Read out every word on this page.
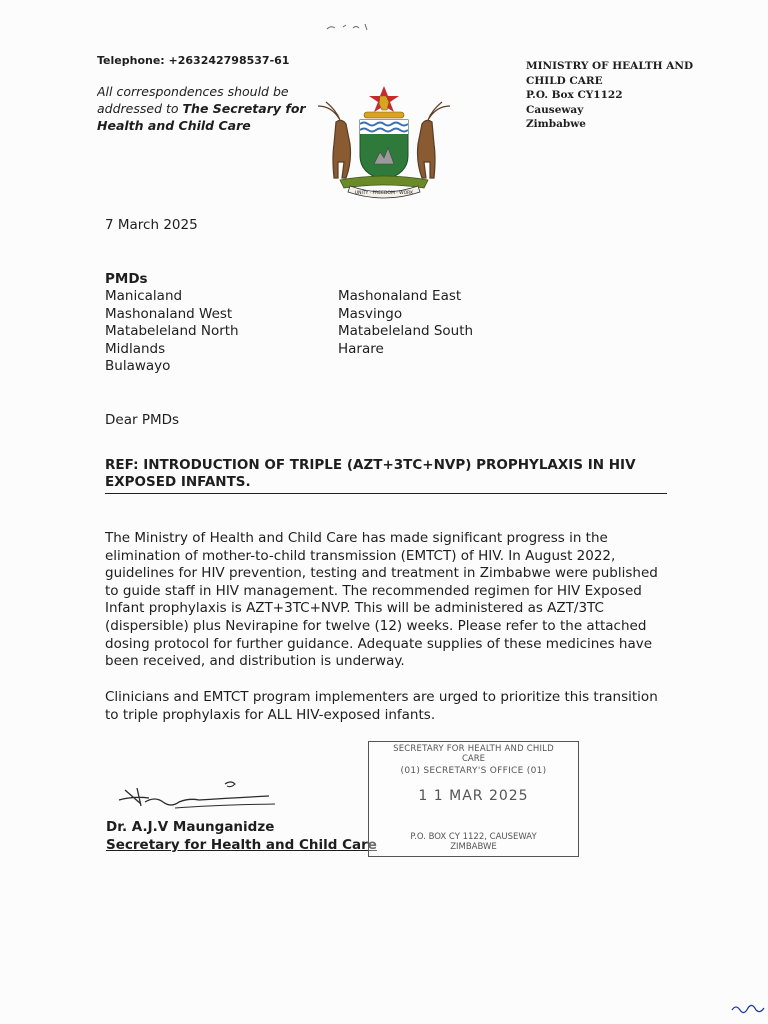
Telephone: +263242798537-61
All correspondences should be
addressed to The Secretary for
Health and Child Care
UNITY · FREEDOM · WORK
MINISTRY OF HEALTH AND
CHILD CARE
P.O. Box CY1122
Causeway
Zimbabwe
7 March 2025
PMDs
Manicaland
Mashonaland West
Matabeleland North
Midlands
Bulawayo
Mashonaland East
Masvingo
Matabeleland South
Harare
Dear PMDs
REF: INTRODUCTION OF TRIPLE (AZT+3TC+NVP) PROPHYLAXIS IN HIV EXPOSED INFANTS.
The Ministry of Health and Child Care has made significant progress in the elimination of mother-to-child transmission (EMTCT) of HIV. In August 2022, guidelines for HIV prevention, testing and treatment in Zimbabwe were published to guide staff in HIV management. The recommended regimen for HIV Exposed Infant prophylaxis is AZT+3TC+NVP. This will be administered as AZT/3TC (dispersible) plus Nevirapine for twelve (12) weeks. Please refer to the attached dosing protocol for further guidance. Adequate supplies of these medicines have been received, and distribution is underway.
Clinicians and EMTCT program implementers are urged to prioritize this transition to triple prophylaxis for ALL HIV-exposed infants.
Dr. A.J.V Maunganidze
Secretary for Health and Child Care
SECRETARY FOR HEALTH AND CHILD
CARE
(01) SECRETARY'S OFFICE (01)
1 1 MAR 2025
P.O. BOX CY 1122, CAUSEWAY
ZIMBABWE
